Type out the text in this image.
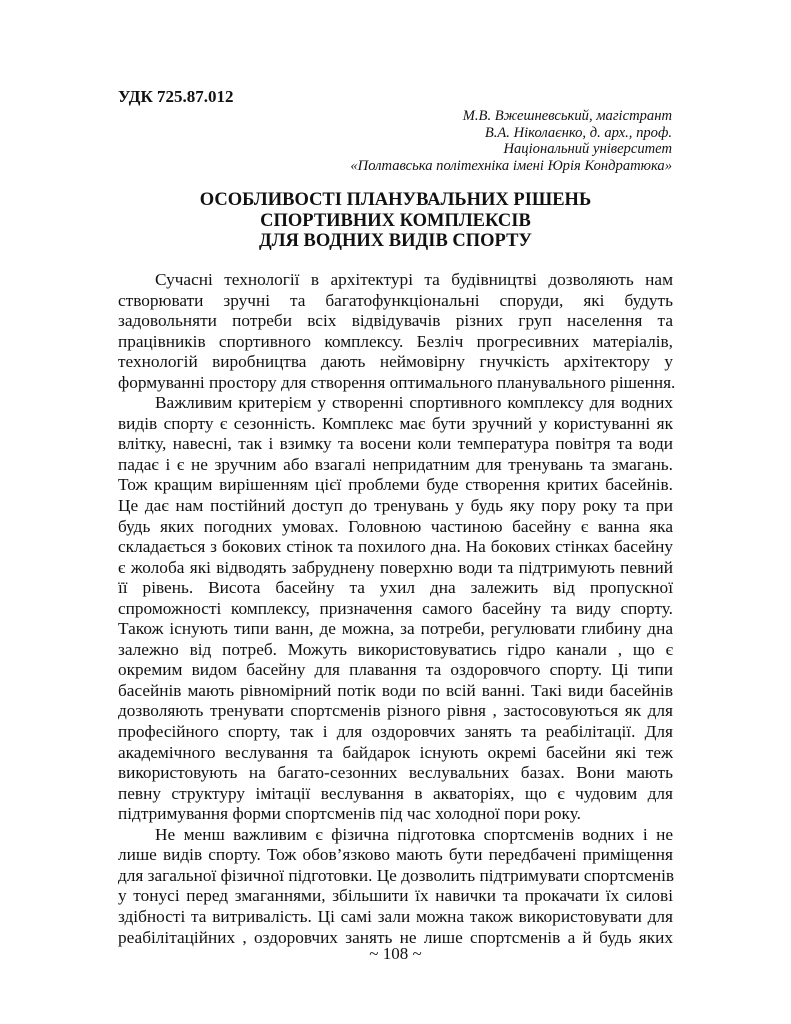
УДК 725.87.012
М.В. Вжешневський, магістрант
В.А. Ніколаєнко, д. арх., проф.
Національний університет
«Полтавська політехніка імені Юрія Кондратюка»
ОСОБЛИВОСТІ ПЛАНУВАЛЬНИХ РІШЕНЬ
СПОРТИВНИХ КОМПЛЕКСІВ
ДЛЯ ВОДНИХ ВИДІВ СПОРТУ
Сучасні технології в архітектурі та будівництві дозволяють нам
створювати зручні та багатофункціональні споруди, які будуть
задовольняти потреби всіх відвідувачів різних груп населення та
працівників спортивного комплексу. Безліч прогресивних матеріалів,
технологій виробництва дають неймовірну гнучкість архітектору у
формуванні простору для створення оптимального планувального рішення.
Важливим критерієм у створенні спортивного комплексу для водних
видів спорту є сезонність. Комплекс має бути зручний у користуванні як
влітку, навесні, так і взимку та восени коли температура повітря та води
падає і є не зручним або взагалі непридатним для тренувань та змагань.
Тож кращим вирішенням цієї проблеми буде створення критих басейнів.
Це дає нам постійний доступ до тренувань у будь яку пору року та при
будь яких погодних умовах. Головною частиною басейну є ванна яка
складається з бокових стінок та похилого дна. На бокових стінках басейну
є жолоба які відводять забруднену поверхню води та підтримують певний
її рівень. Висота басейну та ухил дна залежить від пропускної
спроможності комплексу, призначення самого басейну та виду спорту.
Також існують типи ванн, де можна, за потреби, регулювати глибину дна
залежно від потреб. Можуть використовуватись гідро канали , що є
окремим видом басейну для плавання та оздоровчого спорту. Ці типи
басейнів мають рівномірний потік води по всій ванні. Такі види басейнів
дозволяють тренувати спортсменів різного рівня , застосовуються як для
професійного спорту, так і для оздоровчих занять та реабілітації. Для
академічного веслування та байдарок існують окремі басейни які теж
використовують на багато-сезонних веслувальних базах. Вони мають
певну структуру імітації веслування в акваторіях, що є чудовим для
підтримування форми спортсменів під час холодної пори року.
Не менш важливим є фізична підготовка спортсменів водних і не
лише видів спорту. Тож обов’язково мають бути передбачені приміщення
для загальної фізичної підготовки. Це дозволить підтримувати спортсменів
у тонусі перед змаганнями, збільшити їх навички та прокачати їх силові
здібності та витривалість. Ці самі зали можна також використовувати для
реабілітаційних , оздоровчих занять не лише спортсменів а й будь яких
~ 108 ~
